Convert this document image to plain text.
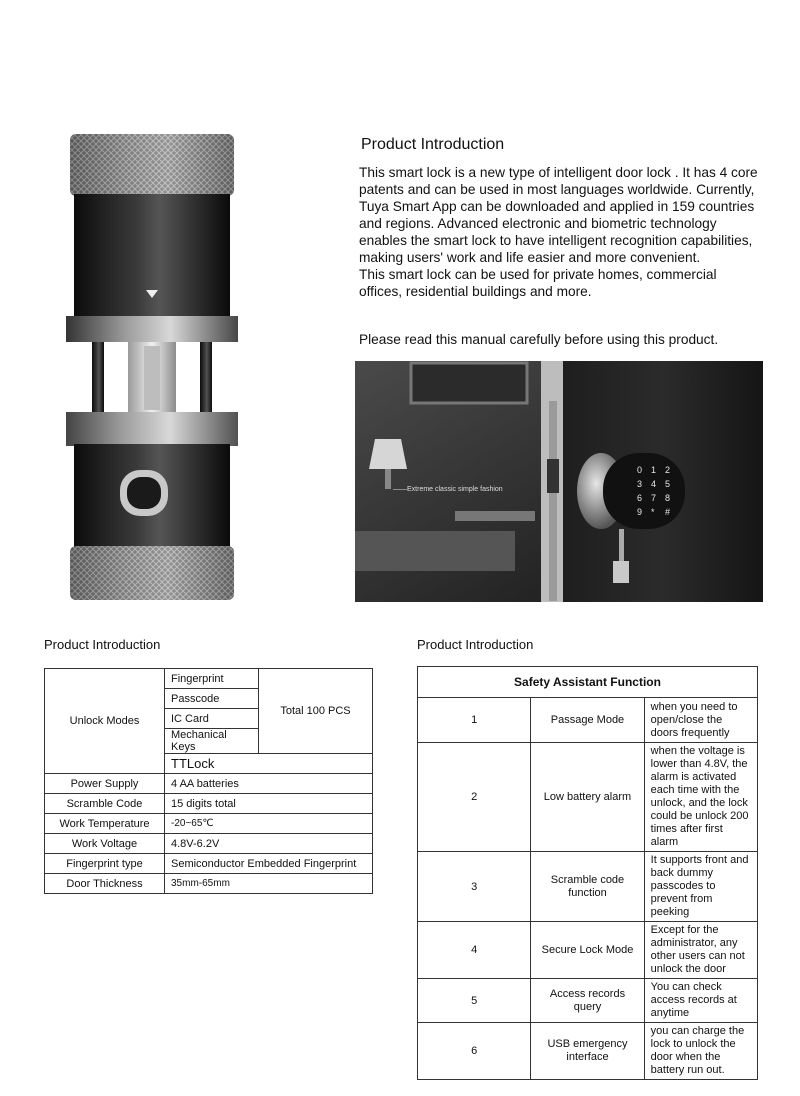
Product Introduction

This smart lock is a new type of intelligent door lock . It has 4 core patents and can be used in most languages worldwide. Currently, Tuya Smart App can be downloaded and applied in 159 countries and regions. Advanced electronic and biometric technology enables the smart lock to have intelligent recognition capabilities, making users' work and life easier and more convenient.

This smart lock can be used for private homes, commercial offices, residential buildings and more.

Please read this manual carefully before using this product.
0 1 2
3 4 5
6 7 8
9 * #
——Extreme classic simple fashion
Product Introduction
Unlock Modes	Fingerprint	Total 100 PCS
	Passcode	
	IC Card	
	Mechanical Keys	
	TTLock	
Power Supply	4 AA batteries	
Scramble Code	15 digits total	
Work Temperature	-20~65℃	
Work Voltage	4.8V-6.2V	
Fingerprint type	Semiconductor Embedded Fingerprint	
Door Thickness	35mm-65mm	
Product Introduction
Safety Assistant Function		
1	Passage Mode	when you need to open/close the doors frequently
2	Low battery alarm	when the voltage is lower than 4.8V, the alarm is activated each time with the unlock, and the lock could be unlock 200 times after first alarm
3	Scramble code function	It supports front and back dummy passcodes to prevent from peeking
4	Secure Lock Mode	Except for the administrator, any other users can not unlock the door
5	Access records query	You can check access records at anytime
6	USB emergency interface	you can charge the lock to unlock the door when the battery run out.
